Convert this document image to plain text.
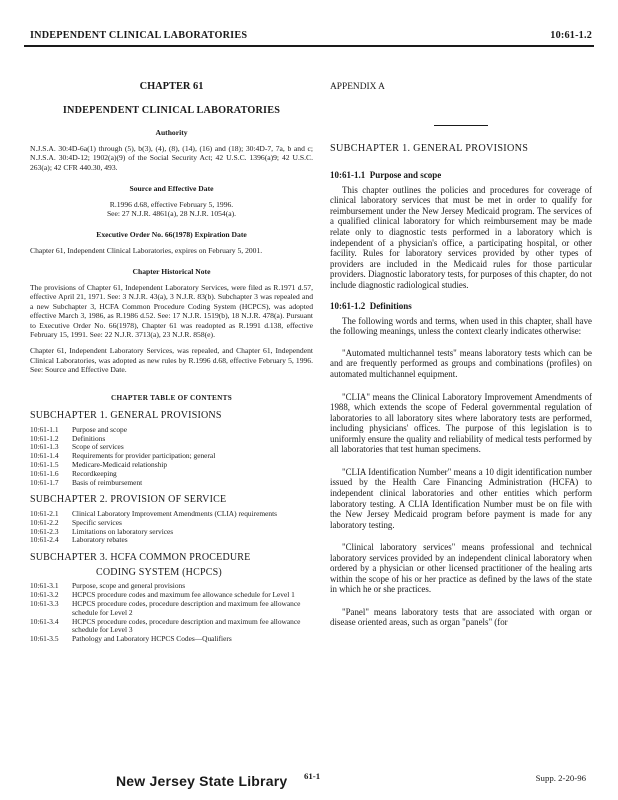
INDEPENDENT CLINICAL LABORATORIES	10:61-1.2
CHAPTER 61
INDEPENDENT CLINICAL LABORATORIES
Authority

N.J.S.A. 30:4D-6a(1) through (5), b(3), (4), (8), (14), (16) and (18); 30:4D-7, 7a, b and c; N.J.S.A. 30:4D-12; 1902(a)(9) of the Social Security Act; 42 U.S.C. 1396(a)9; 42 U.S.C. 263(a); 42 CFR 440.30, 493.

Source and Effective Date

R.1996 d.68, effective February 5, 1996.

See: 27 N.J.R. 4861(a), 28 N.J.R. 1054(a).

Executive Order No. 66(1978) Expiration Date

Chapter 61, Independent Clinical Laboratories, expires on February 5, 2001.

Chapter Historical Note

The provisions of Chapter 61, Independent Laboratory Services, were filed as R.1971 d.57, effective April 21, 1971. See: 3 N.J.R. 43(a), 3 N.J.R. 83(b). Subchapter 3 was repealed and a new Subchapter 3, HCFA Common Procedure Coding System (HCPCS), was adopted effective March 3, 1986, as R.1986 d.52. See: 17 N.J.R. 1519(b), 18 N.J.R. 478(a). Pursuant to Executive Order No. 66(1978), Chapter 61 was readopted as R.1991 d.138, effective February 15, 1991. See: 22 N.J.R. 3713(a), 23 N.J.R. 858(e).

Chapter 61, Independent Laboratory Services, was repealed, and Chapter 61, Independent Clinical Laboratories, was adopted as new rules by R.1996 d.68, effective February 5, 1996. See: Source and Effective Date.

CHAPTER TABLE OF CONTENTS
SUBCHAPTER 1. GENERAL PROVISIONS
10:61-1.1	Purpose and scope
10:61-1.2	Definitions
10:61-1.3	Scope of services
10:61-1.4	Requirements for provider participation; general
10:61-1.5	Medicare-Medicaid relationship
10:61-1.6	Recordkeeping
10:61-1.7	Basis of reimbursement
SUBCHAPTER 2. PROVISION OF SERVICE
10:61-2.1	Clinical Laboratory Improvement Amendments (CLIA) requirements
10:61-2.2	Specific services
10:61-2.3	Limitations on laboratory services
10:61-2.4	Laboratory rebates
SUBCHAPTER 3. HCFA COMMON PROCEDURE
CODING SYSTEM (HCPCS)
10:61-3.1	Purpose, scope and general provisions
10:61-3.2	HCPCS procedure codes and maximum fee allowance schedule for Level 1
10:61-3.3	HCPCS procedure codes, procedure description and maximum fee allowance schedule for Level 2
10:61-3.4	HCPCS procedure codes, procedure description and maximum fee allowance schedule for Level 3
10:61-3.5	Pathology and Laboratory HCPCS Codes—Qualifiers
APPENDIX A
SUBCHAPTER 1. GENERAL PROVISIONS
10:61-1.1 Purpose and scope

This chapter outlines the policies and procedures for coverage of clinical laboratory services that must be met in order to qualify for reimbursement under the New Jersey Medicaid program. The services of a qualified clinical laboratory for which reimbursement may be made relate only to diagnostic tests performed in a laboratory which is independent of a physician's office, a participating hospital, or other facility. Rules for laboratory services provided by other types of providers are included in the Medicaid rules for those particular providers. Diagnostic laboratory tests, for purposes of this chapter, do not include diagnostic radiological studies.

10:61-1.2 Definitions

The following words and terms, when used in this chapter, shall have the following meanings, unless the context clearly indicates otherwise:

"Automated multichannel tests" means laboratory tests which can be and are frequently performed as groups and combinations (profiles) on automated multichannel equipment.

"CLIA" means the Clinical Laboratory Improvement Amendments of 1988, which extends the scope of Federal governmental regulation of laboratories to all laboratory sites where laboratory tests are performed, including physicians' offices. The purpose of this legislation is to uniformly ensure the quality and reliability of medical tests performed by all laboratories that test human specimens.

"CLIA Identification Number" means a 10 digit identification number issued by the Health Care Financing Administration (HCFA) to independent clinical laboratories and other entities which perform laboratory testing. A CLIA Identification Number must be on file with the New Jersey Medicaid program before payment is made for any laboratory testing.

"Clinical laboratory services" means professional and technical laboratory services provided by an independent clinical laboratory when ordered by a physician or other licensed practitioner of the healing arts within the scope of his or her practice as defined by the laws of the state in which he or she practices.

"Panel" means laboratory tests that are associated with organ or disease oriented areas, such as organ "panels" (for

New Jersey State Library 61-1	Supp. 2-20-96
